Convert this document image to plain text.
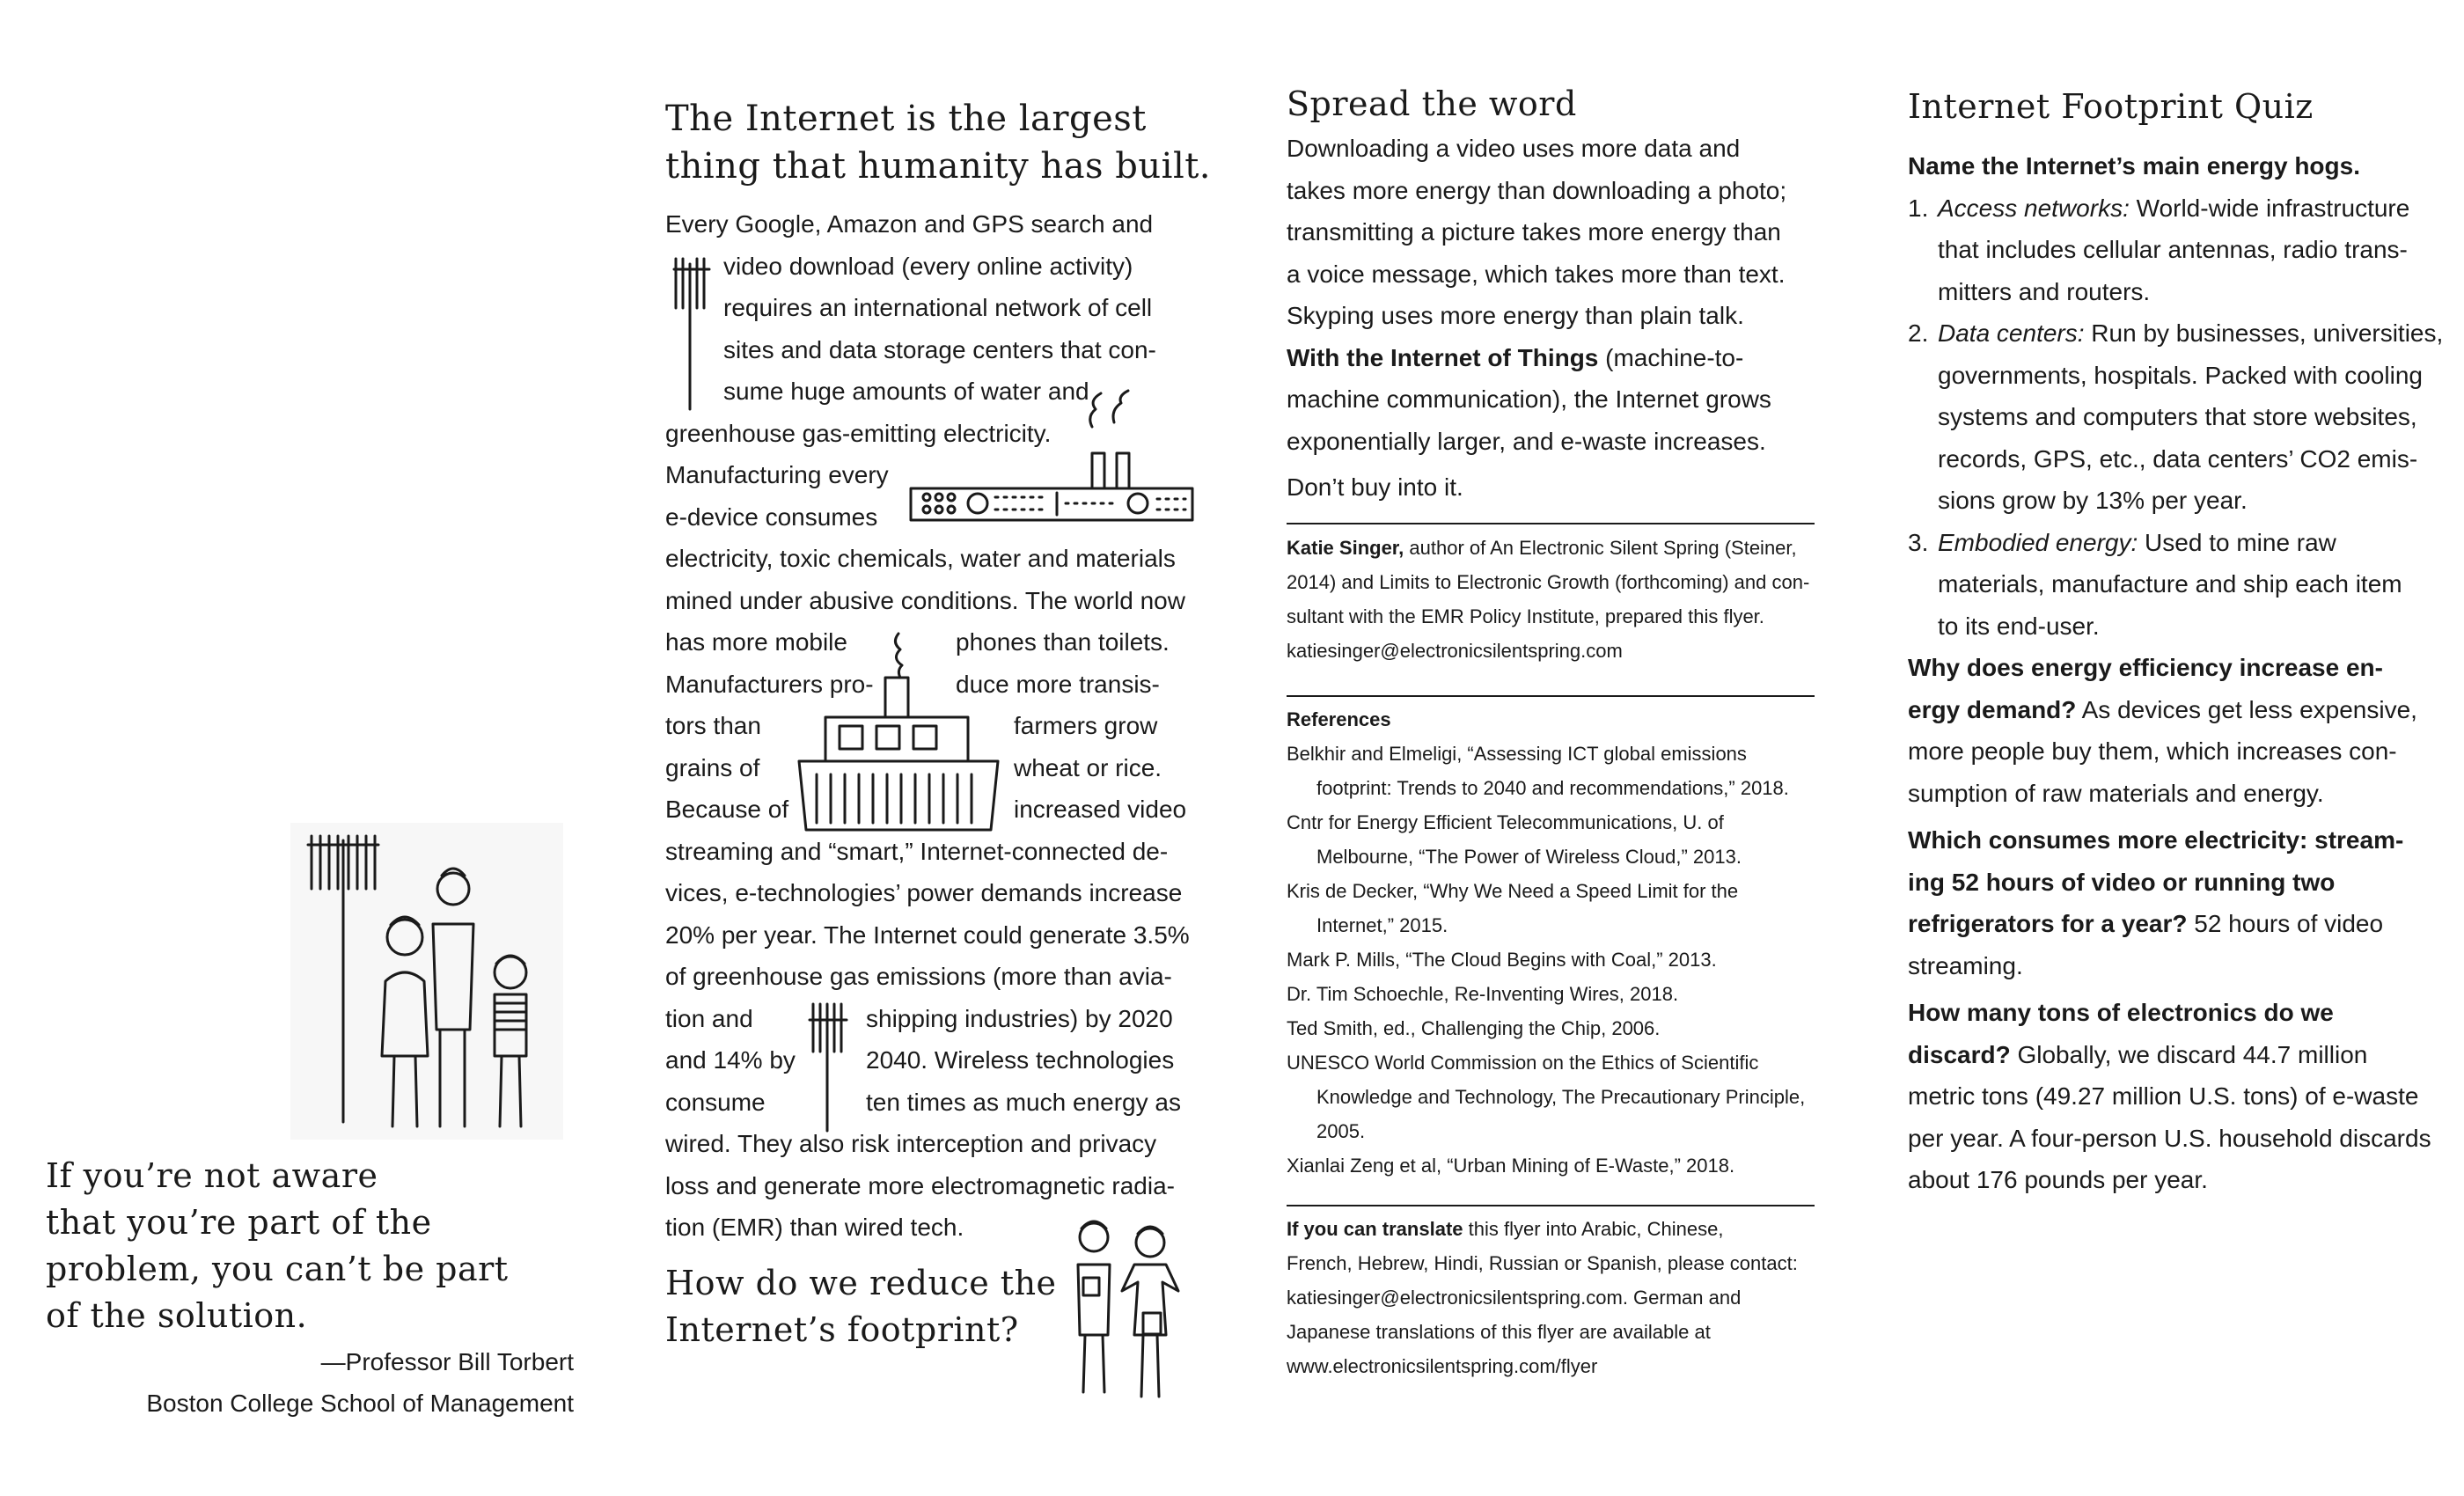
If you’re not aware
that you’re part of the
problem, you can’t be part
of the solution.
—Professor Bill Torbert
Boston College School of Management
The Internet is the largest
thing that humanity has built.
Every Google, Amazon and GPS search and
video download (every online activity)
requires an international network of cell
sites and data storage centers that con-
sume huge amounts of water and
greenhouse gas-emitting electricity.
Manufacturing every
e-device consumes
electricity, toxic chemicals, water and materials
mined under abusive conditions. The world now
has more mobile	phones than toilets.
Manufacturers pro-	duce more transis-
tors than	farmers grow
grains of	wheat or rice.
Because of	increased video
streaming and “smart,” Internet-connected de-
vices, e-technologies’ power demands increase
20% per year. The Internet could generate 3.5%
of greenhouse gas emissions (more than avia-
tion and	shipping industries) by 2020
and 14% by	2040. Wireless technologies
consume	ten times as much energy as
wired. They also risk interception and privacy
loss and generate more electromagnetic radia-
tion (EMR) than wired tech.
How do we reduce the
Internet’s footprint?
Spread the word
Downloading a video uses more data and
takes more energy than downloading a photo;
transmitting a picture takes more energy than
a voice message, which takes more than text.
Skyping uses more energy than plain talk.
With the Internet of Things (machine-to-
machine communication), the Internet grows
exponentially larger, and e-waste increases.
Don’t buy into it.
Katie Singer, author of An Electronic Silent Spring (Steiner,
2014) and Limits to Electronic Growth (forthcoming) and con-
sultant with the EMR Policy Institute, prepared this flyer.
katiesinger@electronicsilentspring.com
References
Belkhir and Elmeligi, “Assessing ICT global emissions
footprint: Trends to 2040 and recommendations,” 2018.
Cntr for Energy Efficient Telecommunications, U. of
Melbourne, “The Power of Wireless Cloud,” 2013.
Kris de Decker, “Why We Need a Speed Limit for the
Internet,” 2015.
Mark P. Mills, “The Cloud Begins with Coal,” 2013.
Dr. Tim Schoechle, Re-Inventing Wires, 2018.
Ted Smith, ed., Challenging the Chip, 2006.
UNESCO World Commission on the Ethics of Scientific
Knowledge and Technology, The Precautionary Principle,
2005.
Xianlai Zeng et al, “Urban Mining of E-Waste,” 2018.
If you can translate this flyer into Arabic, Chinese,
French, Hebrew, Hindi, Russian or Spanish, please contact:
katiesinger@electronicsilentspring.com. German and
Japanese translations of this flyer are available at
www.electronicsilentspring.com/flyer
Internet Footprint Quiz
Name the Internet’s main energy hogs.
1. Access networks: World-wide infrastructure
that includes cellular antennas, radio trans-
mitters and routers.
2. Data centers: Run by businesses, universities,
governments, hospitals. Packed with cooling
systems and computers that store websites,
records, GPS, etc., data centers’ CO2 emis-
sions grow by 13% per year.
3. Embodied energy: Used to mine raw
materials, manufacture and ship each item
to its end-user.
Why does energy efficiency increase en-
ergy demand? As devices get less expensive,
more people buy them, which increases con-
sumption of raw materials and energy.
Which consumes more electricity: stream-
ing 52 hours of video or running two
refrigerators for a year? 52 hours of video
streaming.
How many tons of electronics do we
discard? Globally, we discard 44.7 million
metric tons (49.27 million U.S. tons) of e-waste
per year. A four-person U.S. household discards
about 176 pounds per year.
